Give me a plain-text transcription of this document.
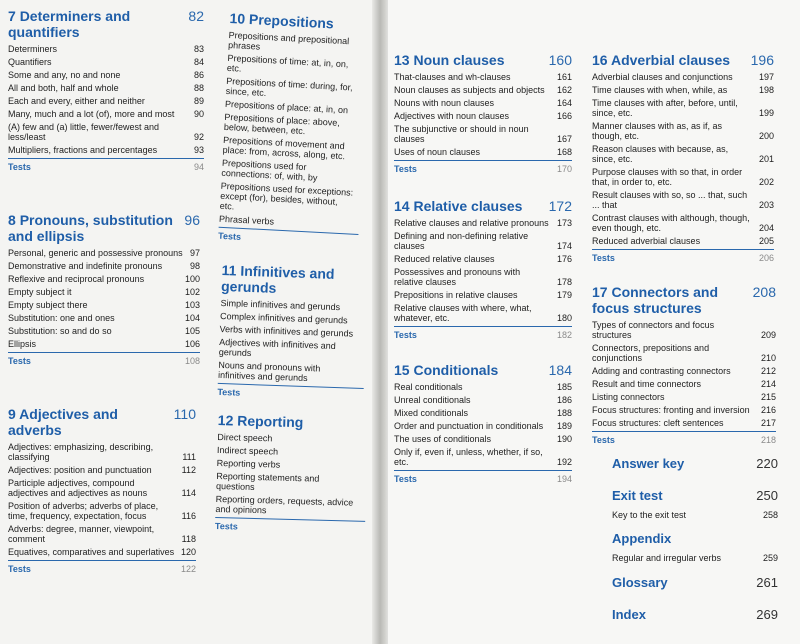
7 Determiners and quantifiers
82
Determiners	83
Quantifiers	84
Some and any, no and none	86
All and both, half and whole	88
Each and every, either and neither	89
Many, much and a lot (of), more and most	90
(A) few and (a) little, fewer/fewest and less/least	92
Multipliers, fractions and percentages	93
Tests	94
8 Pronouns, substitution and ellipsis
96
Personal, generic and possessive pronouns 97
Demonstrative and indefinite pronouns	98
Reflexive and reciprocal pronouns	100
Empty subject it	102
Empty subject there	103
Substitution: one and ones	104
Substitution: so and do so	105
Ellipsis	106
Tests	108
9 Adjectives and adverbs
110
Adjectives: emphasizing, describing, classifying	111
Adjectives: position and punctuation	112
Participle adjectives, compound adjectives and adjectives as nouns	114
Position of adverbs; adverbs of place, time, frequency, expectation, focus	116
Adverbs: degree, manner, viewpoint, comment	118
Equatives, comparatives and superlatives 120
Tests	122
10 Prepositions
Prepositions and prepositional phrases
Prepositions of time: at, in, on, etc.
Prepositions of time: during, for, since, etc.
Prepositions of place: at, in, on
Prepositions of place: above, below, between, etc.
Prepositions of movement and place: from, across, along, etc.
Prepositions used for connections: of, with, by
Prepositions used for exceptions: except (for), besides, without, etc.
Phrasal verbs
Tests
11 Infinitives and gerunds
Simple infinitives and gerunds
Complex infinitives and gerunds
Verbs with infinitives and gerunds
Adjectives with infinitives and gerunds
Nouns and pronouns with infinitives and gerunds
Tests
12 Reporting
Direct speech
Indirect speech
Reporting verbs
Reporting statements and questions
Reporting orders, requests, advice and opinions
Tests
13 Noun clauses	160
That-clauses and wh-clauses	161
Noun clauses as subjects and objects	162
Nouns with noun clauses	164
Adjectives with noun clauses	166
The subjunctive or should in noun clauses	167
Uses of noun clauses	168
Tests	170
14 Relative clauses 172
Relative clauses and relative pronouns 173
Defining and non-defining relative clauses	174
Reduced relative clauses	176
Possessives and pronouns with relative clauses	178
Prepositions in relative clauses	179
Relative clauses with where, what, whatever, etc.	180
Tests	182
15 Conditionals	184
Real conditionals	185
Unreal conditionals	186
Mixed conditionals	188
Order and punctuation in conditionals	189
The uses of conditionals	190
Only if, even if, unless, whether, if so, etc.	192
Tests	194
16 Adverbial clauses 196
Adverbial clauses and conjunctions	197
Time clauses with when, while, as	198
Time clauses with after, before, until, since, etc.	199
Manner clauses with as, as if, as though, etc.	200
Reason clauses with because, as, since, etc.	201
Purpose clauses with so that, in order that, in order to, etc.	202
Result clauses with so, so ... that, such ... that	203
Contrast clauses with although, though, even though, etc.	204
Reduced adverbial clauses	205
Tests	206
17 Connectors and focus structures
208
Types of connectors and focus structures	209
Connectors, prepositions and conjunctions	210
Adding and contrasting connectors	212
Result and time connectors	214
Listing connectors	215
Focus structures: fronting and inversion	216
Focus structures: cleft sentences	217
Tests	218
Answer key	220
Exit test	250
Key to the exit test	258
Appendix
Regular and irregular verbs	259
Glossary	261
Index	269
